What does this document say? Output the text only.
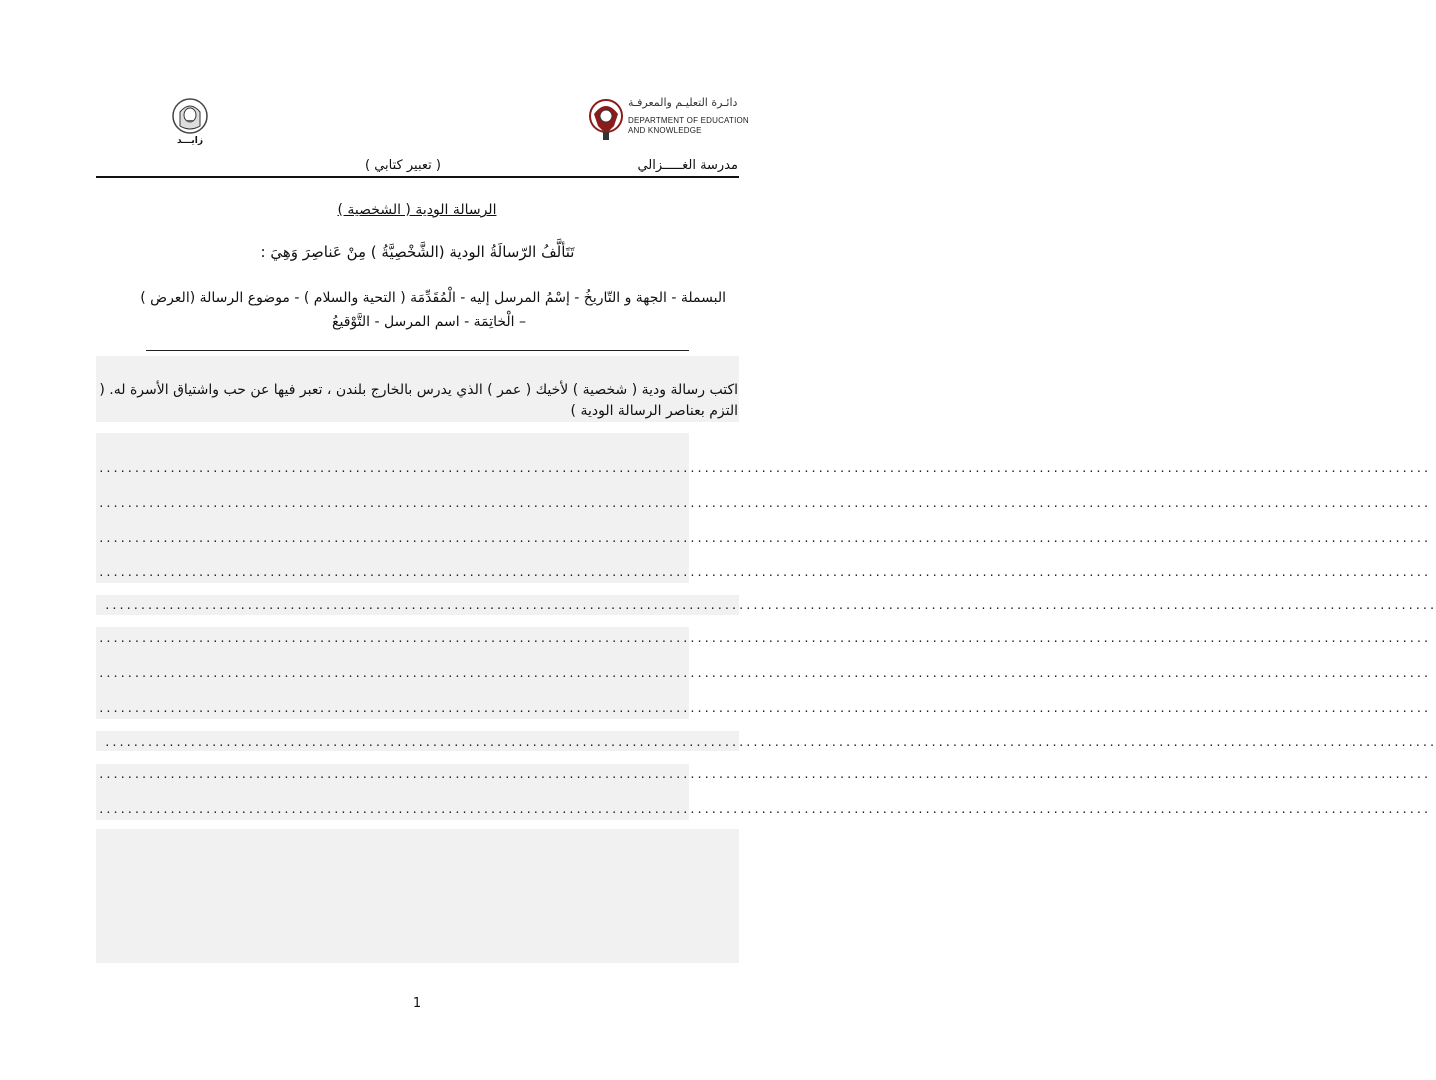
زايـــد
دائـرة التعليـم والمعرفـة
DEPARTMENT OF EDUCATION
AND KNOWLEDGE
مدرسة الغـــــزالي
( تعبير كتابي )
الرسالة الودية ( الشخصية )
تَتَألَّفُ الرّسالَةُ الودية (الشَّخْصِيَّةُ ) مِنْ عَناصِرَ وَهِيَ :
البسملة - الجهة و التّاريخُ - إسْمُ المرسل إليه - الْمُقَدِّمَة ( التحية والسلام ) - موضوع الرسالة (العرض )
– الْخاتِمَة - اسم المرسل - التَّوْقيعُ
اكتب رسالة ودية ( شخصية ) لأخيك ( عمر ) الذي يدرس بالخارج بلندن ، تعبر فيها عن حب واشتياق الأسرة له. ( التزم بعناصر الرسالة الودية )
...........................................................................................................................................................................................
...........................................................................................................................................................................................
...........................................................................................................................................................................................
...........................................................................................................................................................................................
...........................................................................................................................................................................................
...........................................................................................................................................................................................
...........................................................................................................................................................................................
...........................................................................................................................................................................................
...........................................................................................................................................................................................
...........................................................................................................................................................................................
...........................................................................................................................................................................................
1
